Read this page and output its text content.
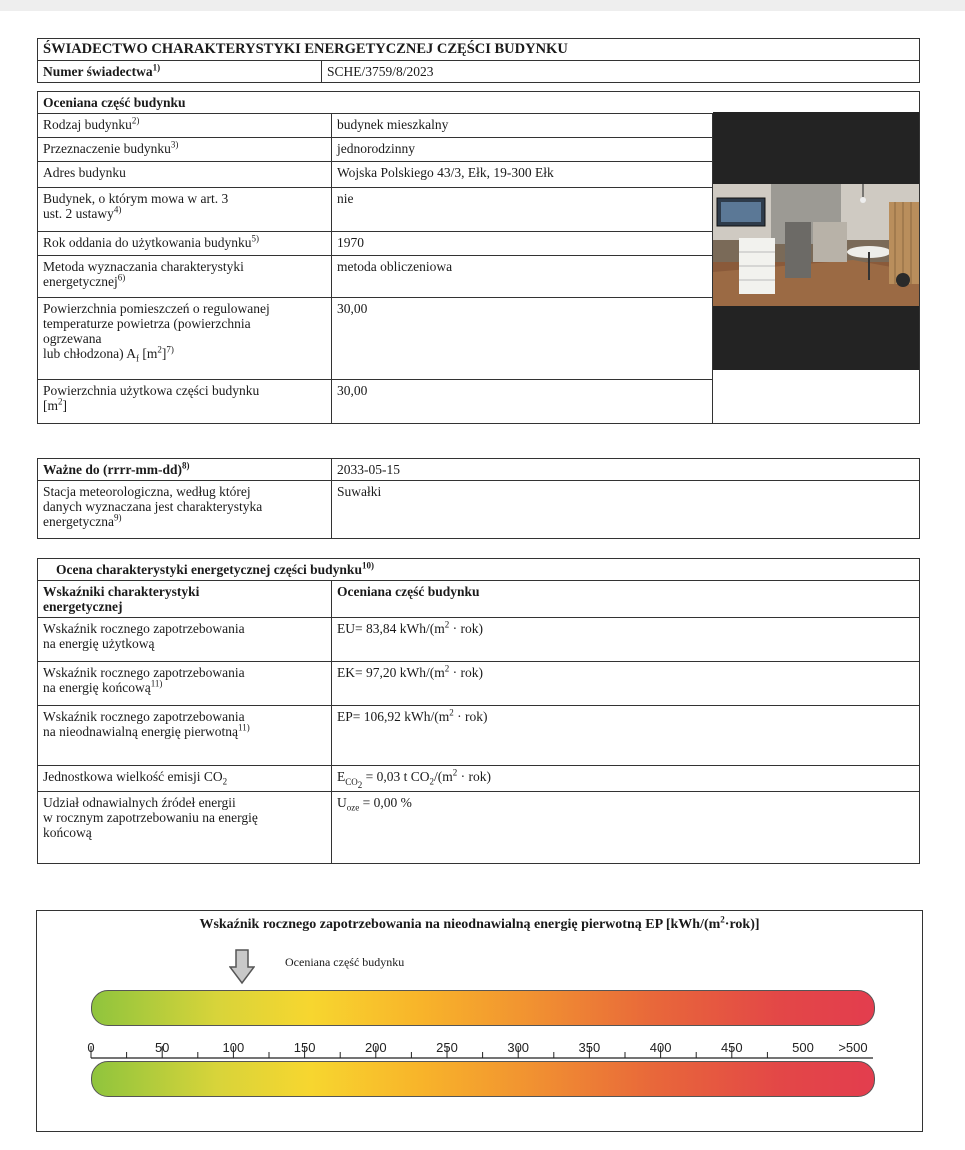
ŚWIADECTWO CHARAKTERYSTYKI ENERGETYCZNEJ CZĘŚCI BUDYNKU
Numer świadectwa$^{1)}$	SCHE/3759/8/2023
Oceniana część budynku		
Rodzaj budynku$^{2)}$	budynek mieszkalny	
Przeznaczenie budynku$^{3)}$	jednorodzinny	
Adres budynku	Wojska Polskiego 43/3, Ełk, 19-300 Ełk	
Budynek, o którym mowa w art. 3
ust. 2 ustawy$^{4)}$	nie	
Rok oddania do użytkowania budynku$^{5)}$	1970	
Metoda wyznaczania charakterystyki
energetycznej$^{6)}$	metoda obliczeniowa	
Powierzchnia pomieszczeń o regulowanej
temperaturze powietrza (powierzchnia
ogrzewana
lub chłodzona) $A_f$ $[m^2]^{7)}$	30,00	
Powierzchnia użytkowa części budynku
$[m^2]$	30,00	
Ważne do (rrrr-mm-dd)$^{8)}$	2033-05-15
Stacja meteorologiczna, według której
danych wyznaczana jest charakterystyka
energetyczna$^{9)}$	Suwałki
Ocena charakterystyki energetycznej części budynku$^{10)}$
Wskaźniki charakterystyki
energetycznej	Oceniana część budynku
Wskaźnik rocznego zapotrzebowania
na energię użytkową	EU= 83,84 kWh/$(m^2 \cdot rok)$
Wskaźnik rocznego zapotrzebowania
na energię końcową$^{11)}$	EK= 97,20 kWh/$(m^2 \cdot rok)$
Wskaźnik rocznego zapotrzebowania
na nieodnawialną energię pierwotną$^{11)}$	EP= 106,92 kWh/$(m^2 \cdot rok)$
Jednostkowa wielkość emisji $CO_2$	$E_{CO_2} = 0,03$ t $CO_2/(m^2 \cdot rok)$
Udział odnawialnych źródeł energii
w rocznym zapotrzebowaniu na energię
końcową	$U_{oze} = 0,00$ %
Wskaźnik rocznego zapotrzebowania na nieodnawialną energię pierwotną EP $[kWh/(m^2\cdot rok)]$
Oceniana część budynku
0	50	100	150	200	250	300	350	400	450	500 >500
